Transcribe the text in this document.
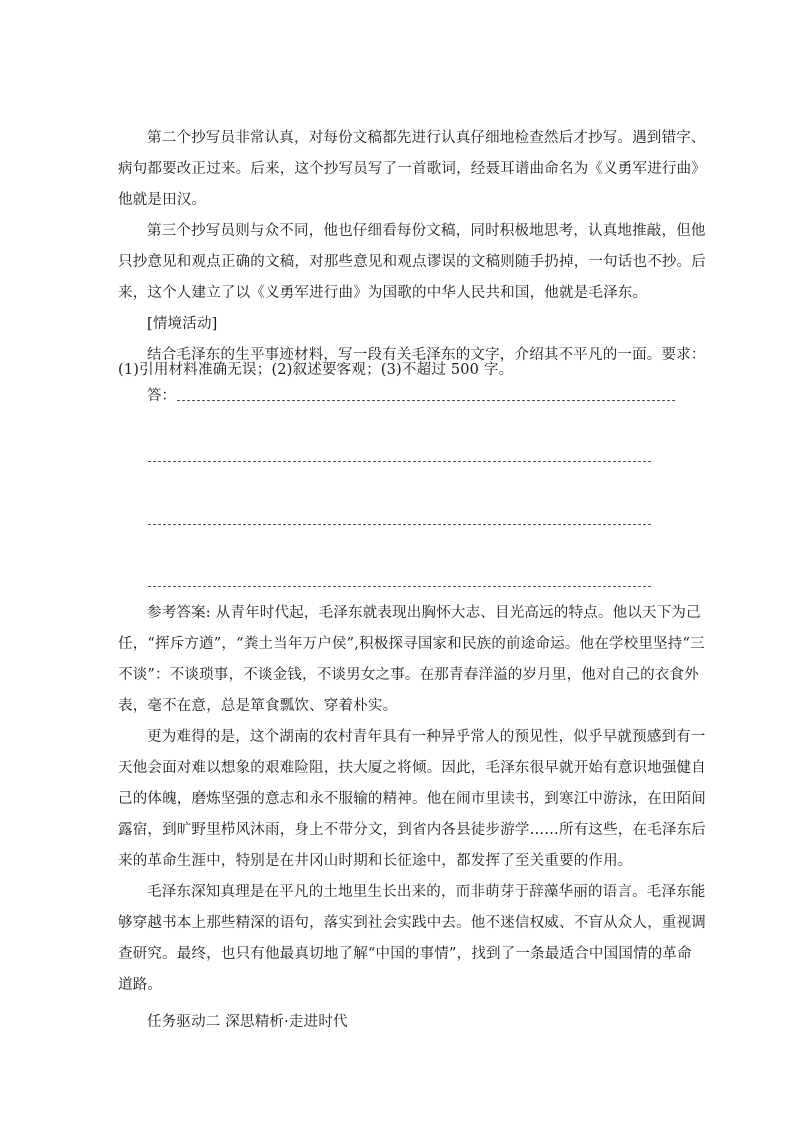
第二个抄写员非常认真，对每份文稿都先进行认真仔细地检查然后才抄写。遇到错字、
病句都要改正过来。后来，这个抄写员写了一首歌词，经聂耳谱曲命名为《义勇军进行曲》
他就是田汉。
第三个抄写员则与众不同，他也仔细看每份文稿，同时积极地思考，认真地推敲，但他
只抄意见和观点正确的文稿，对那些意见和观点谬误的文稿则随手扔掉，一句话也不抄。后
来，这个人建立了以《义勇军进行曲》为国歌的中华人民共和国，他就是毛泽东。
[情境活动]
结合毛泽东的生平事迹材料，写一段有关毛泽东的文字，介绍其不平凡的一面。要求：
(1)引用材料准确无误；(2)叙述要客观；(3)不超过 500 字。
答：
参考答案: 从青年时代起，毛泽东就表现出胸怀大志、目光高远的特点。他以天下为己
任，“挥斥方遒”，“粪土当年万户侯”,积极探寻国家和民族的前途命运。他在学校里坚持“三
不谈”：不谈琐事，不谈金钱，不谈男女之事。在那青春洋溢的岁月里，他对自己的衣食外
表，毫不在意，总是箪食瓢饮、穿着朴实。
更为难得的是，这个湖南的农村青年具有一种异乎常人的预见性，似乎早就预感到有一
天他会面对难以想象的艰难险阻，扶大厦之将倾。因此，毛泽东很早就开始有意识地强健自
己的体魄，磨炼坚强的意志和永不服输的精神。他在闹市里读书，到寒江中游泳，在田陌间
露宿，到旷野里栉风沐雨，身上不带分文，到省内各县徒步游学……所有这些，在毛泽东后
来的革命生涯中，特别是在井冈山时期和长征途中，都发挥了至关重要的作用。
毛泽东深知真理是在平凡的土地里生长出来的，而非萌芽于辞藻华丽的语言。毛泽东能
够穿越书本上那些精深的语句，落实到社会实践中去。他不迷信权威、不盲从众人，重视调
查研究。最终，也只有他最真切地了解“中国的事情”，找到了一条最适合中国国情的革命
道路。
任务驱动二 深思精析·走进时代
